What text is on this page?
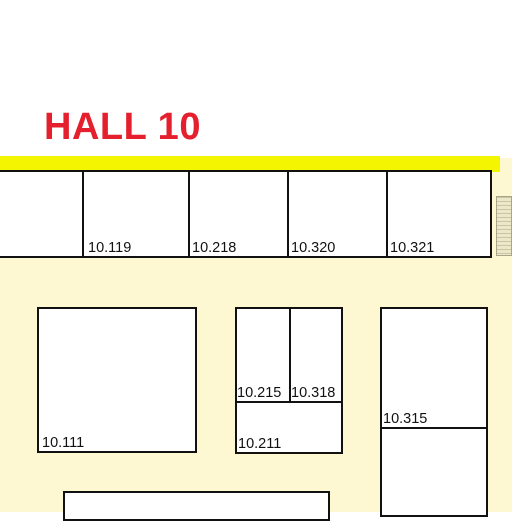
HALL 10
10.119	10.218	10.320	10.321
10.111
10.215 10.318
10.211
10.315
